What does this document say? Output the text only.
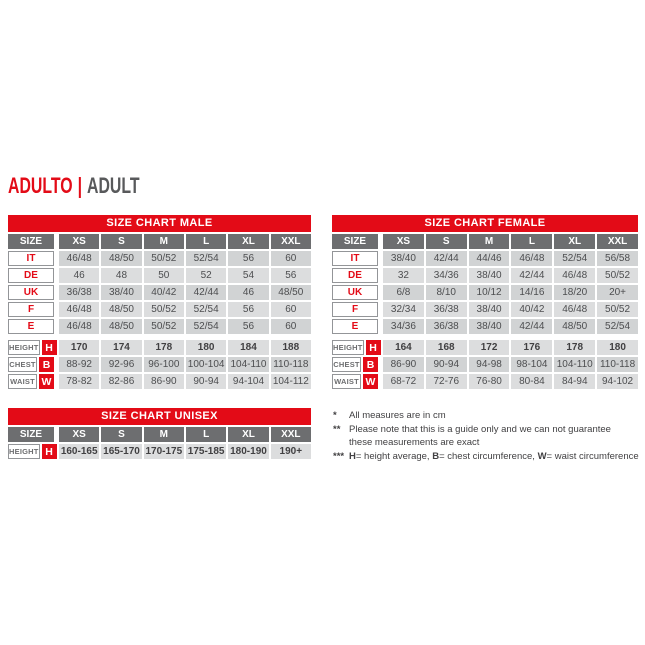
ADULTO | ADULT
SIZE CHART MALE
SIZE	XS	S	M	L	XL	XXL
IT	46/48	48/50	50/52	52/54	56	60
DE	46	48	50	52	54	56
UK	36/38	38/40	40/42	42/44	46	48/50
F	46/48	48/50	50/52	52/54	56	60
E	46/48	48/50	50/52	52/54	56	60
HEIGHT H	170	174	178	180	184	188
CHEST B	88-92	92-96	96-100 100-104 104-110 110-118
WAIST W	78-82	82-86	86-90	90-94	94-104 104-112
SIZE CHART FEMALE
SIZE	XS	S	M	L	XL	XXL
IT	38/40	42/44	44/46	46/48	52/54	56/58
DE	32	34/36	38/40	42/44	46/48	50/52
UK	6/8	8/10	10/12	14/16	18/20	20+
F	32/34	36/38	38/40	40/42	46/48	50/52
E	34/36	36/38	38/40	42/44	48/50	52/54
HEIGHT H	164	168	172	176	178	180
CHEST B	86-90	90-94	94-98	98-104 104-110 110-118
WAIST W	68-72	72-76	76-80	80-84	84-94	94-102
SIZE CHART UNISEX
SIZE	XS	S	M	L	XL	XXL
HEIGHT H 160-165 165-170 170-175 175-185 180-190	190+
*	All measures are in cm
** Please note that this is a guide only and we can not guarantee
these measurements are exact
*** H= height average, B= chest circumference, W= waist circumference
